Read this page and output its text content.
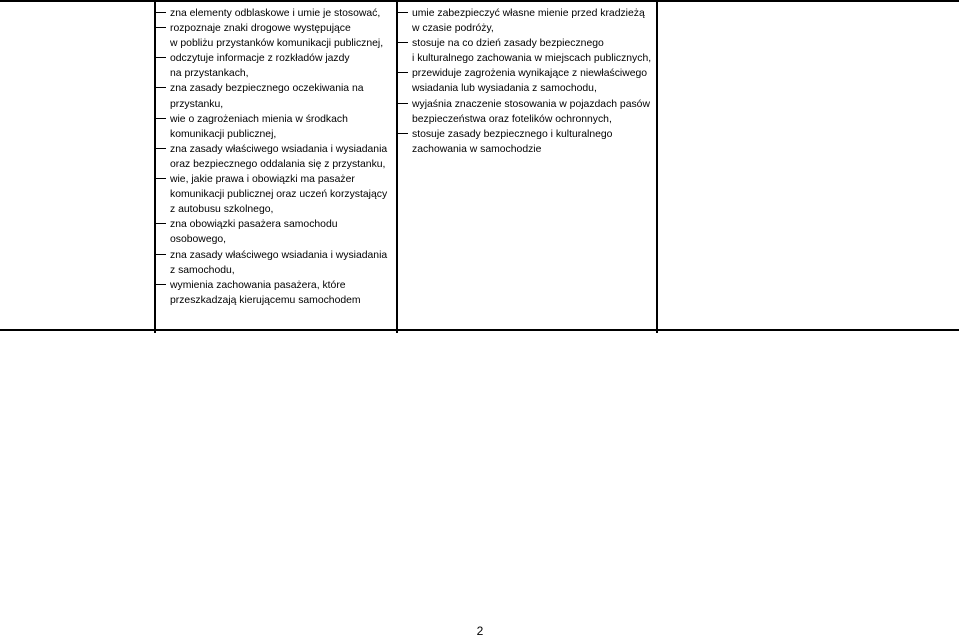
zna elementy odblaskowe i umie je stosować,
rozpoznaje znaki drogowe występujące
w pobliżu przystanków komunikacji publicznej,
odczytuje informacje z rozkładów jazdy
na przystankach,
zna zasady bezpiecznego oczekiwania na
przystanku,
wie o zagrożeniach mienia w środkach
komunikacji publicznej,
zna zasady właściwego wsiadania i wysiadania
oraz bezpiecznego oddalania się z przystanku,
wie, jakie prawa i obowiązki ma pasażer
komunikacji publicznej oraz uczeń korzystający
z autobusu szkolnego,
zna obowiązki pasażera samochodu
osobowego,
zna zasady właściwego wsiadania i wysiadania
z samochodu,
wymienia zachowania pasażera, które
przeszkadzają kierującemu samochodem
umie zabezpieczyć własne mienie przed kradzieżą
w czasie podróży,
stosuje na co dzień zasady bezpiecznego
i kulturalnego zachowania w miejscach publicznych,
przewiduje zagrożenia wynikające z niewłaściwego
wsiadania lub wysiadania z samochodu,
wyjaśnia znaczenie stosowania w pojazdach pasów
bezpieczeństwa oraz fotelików ochronnych,
stosuje zasady bezpiecznego i kulturalnego
zachowania w samochodzie
2
